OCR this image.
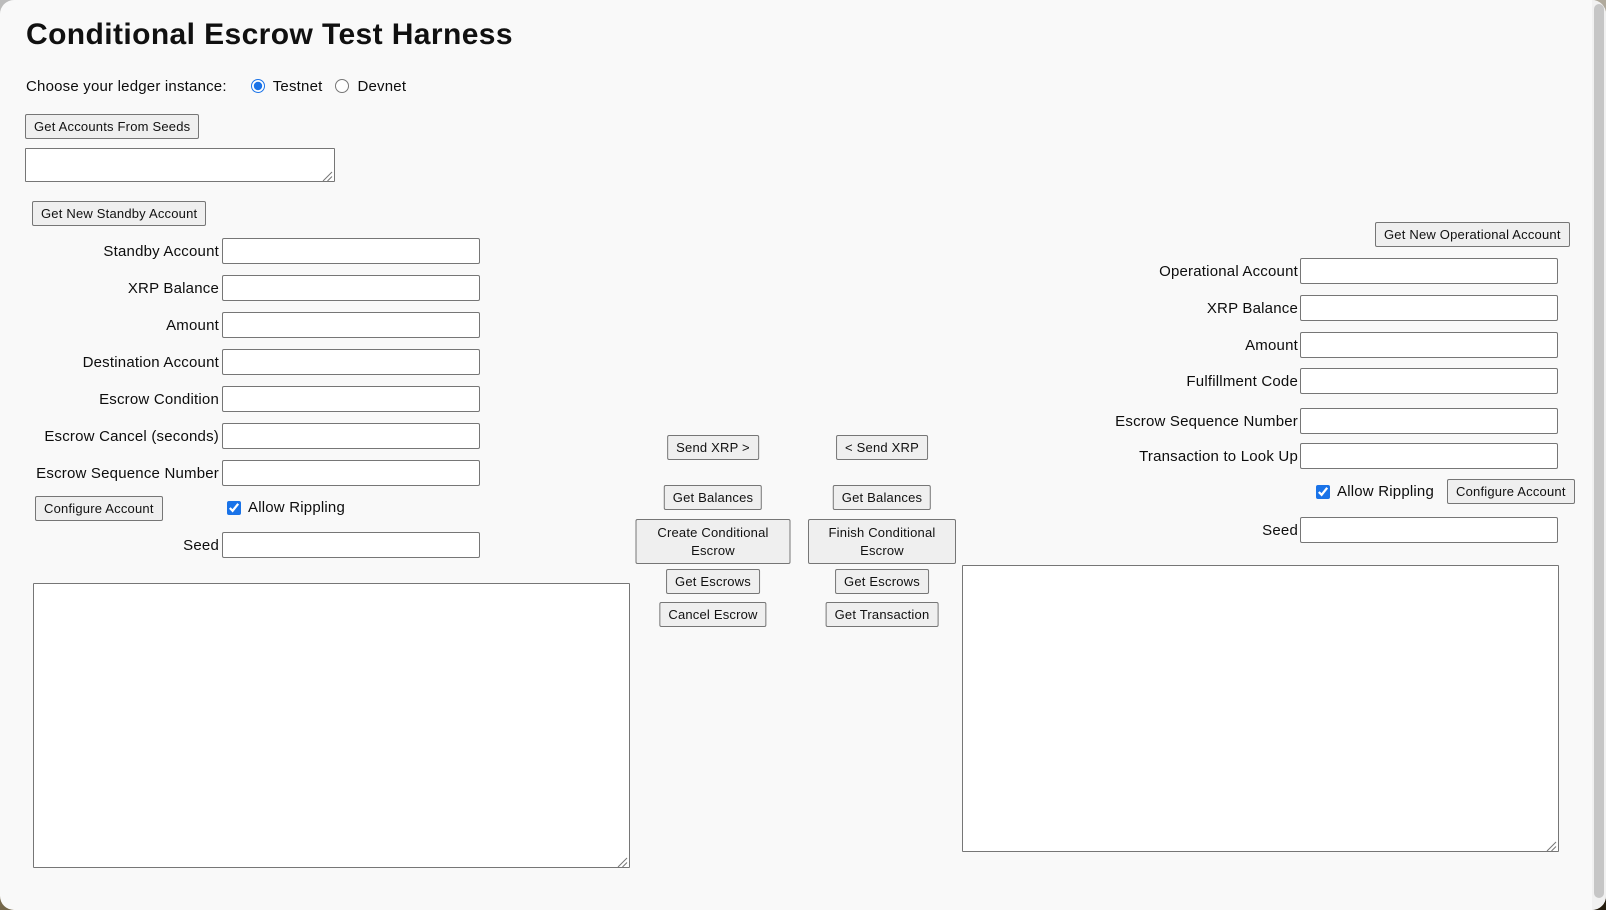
Conditional Escrow Test Harness
Choose your ledger instance:	Testnet Devnet
Get Accounts From Seeds
Get New Standby Account
Standby Account
XRP Balance
Amount
Destination Account
Escrow Condition
Escrow Cancel (seconds)
Escrow Sequence Number
Configure Account	Allow Rippling
Seed
Send XRP >
Get Balances
Create Conditional Escrow
Get Escrows
Cancel Escrow
< Send XRP
Get Balances
Finish Conditional Escrow
Get Escrows
Get Transaction
Get New Operational Account
Operational Account
XRP Balance
Amount
Fulfillment Code
Escrow Sequence Number
Transaction to Look Up
Allow Rippling	Configure Account
Seed
